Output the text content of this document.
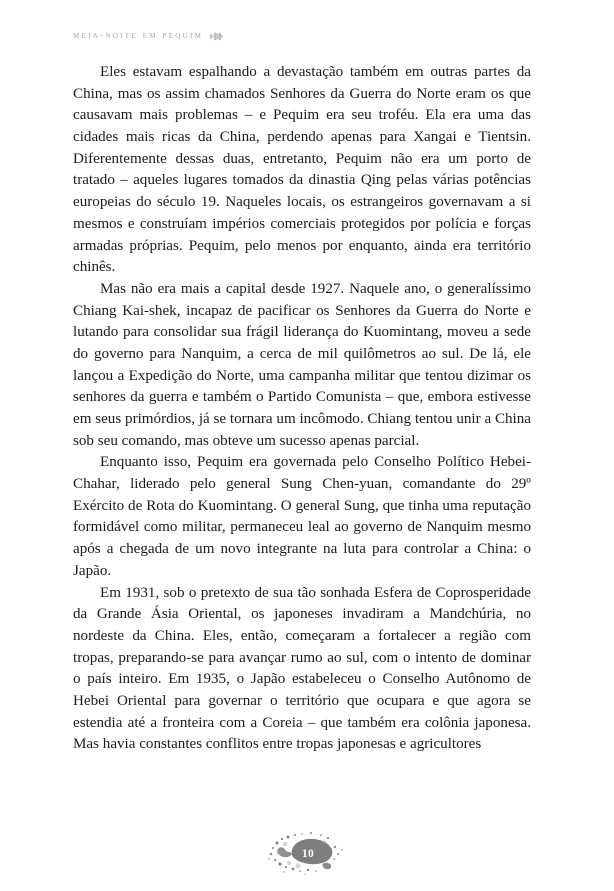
meia-noite em pequim

Eles estavam espalhando a devastação também em outras partes da China, mas os assim chamados Senhores da Guerra do Norte eram os que causavam mais problemas – e Pequim era seu troféu. Ela era uma das cidades mais ricas da China, perdendo apenas para Xangai e Tientsin. Diferentemente dessas duas, entretanto, Pequim não era um porto de tratado – aqueles lugares tomados da dinastia Qing pelas várias potências europeias do século 19. Naqueles locais, os estrangeiros governavam a si mesmos e construíam impérios comerciais protegidos por polícia e forças armadas próprias. Pequim, pelo menos por enquanto, ainda era território chinês.

Mas não era mais a capital desde 1927. Naquele ano, o generalíssimo Chiang Kai-shek, incapaz de pacificar os Senhores da Guerra do Norte e lutando para consolidar sua frágil liderança do Kuomintang, moveu a sede do governo para Nanquim, a cerca de mil quilômetros ao sul. De lá, ele lançou a Expedição do Norte, uma campanha militar que tentou dizimar os senhores da guerra e também o Partido Comunista – que, embora estivesse em seus primórdios, já se tornara um incômodo. Chiang tentou unir a China sob seu comando, mas obteve um sucesso apenas parcial.

Enquanto isso, Pequim era governada pelo Conselho Político Hebei-Chahar, liderado pelo general Sung Chen-yuan, comandante do 29º Exército de Rota do Kuomintang. O general Sung, que tinha uma reputação formidável como militar, permaneceu leal ao governo de Nanquim mesmo após a chegada de um novo integrante na luta para controlar a China: o Japão.

Em 1931, sob o pretexto de sua tão sonhada Esfera de Coprosperidade da Grande Ásia Oriental, os japoneses invadiram a Mandchúria, no nordeste da China. Eles, então, começaram a fortalecer a região com tropas, preparando-se para avançar rumo ao sul, com o intento de dominar o país inteiro. Em 1935, o Japão estabeleceu o Conselho Autônomo de Hebei Oriental para governar o território que ocupara e que agora se estendia até a fronteira com a Coreia – que também era colônia japonesa. Mas havia constantes conflitos entre tropas japonesas e agricultores

10
